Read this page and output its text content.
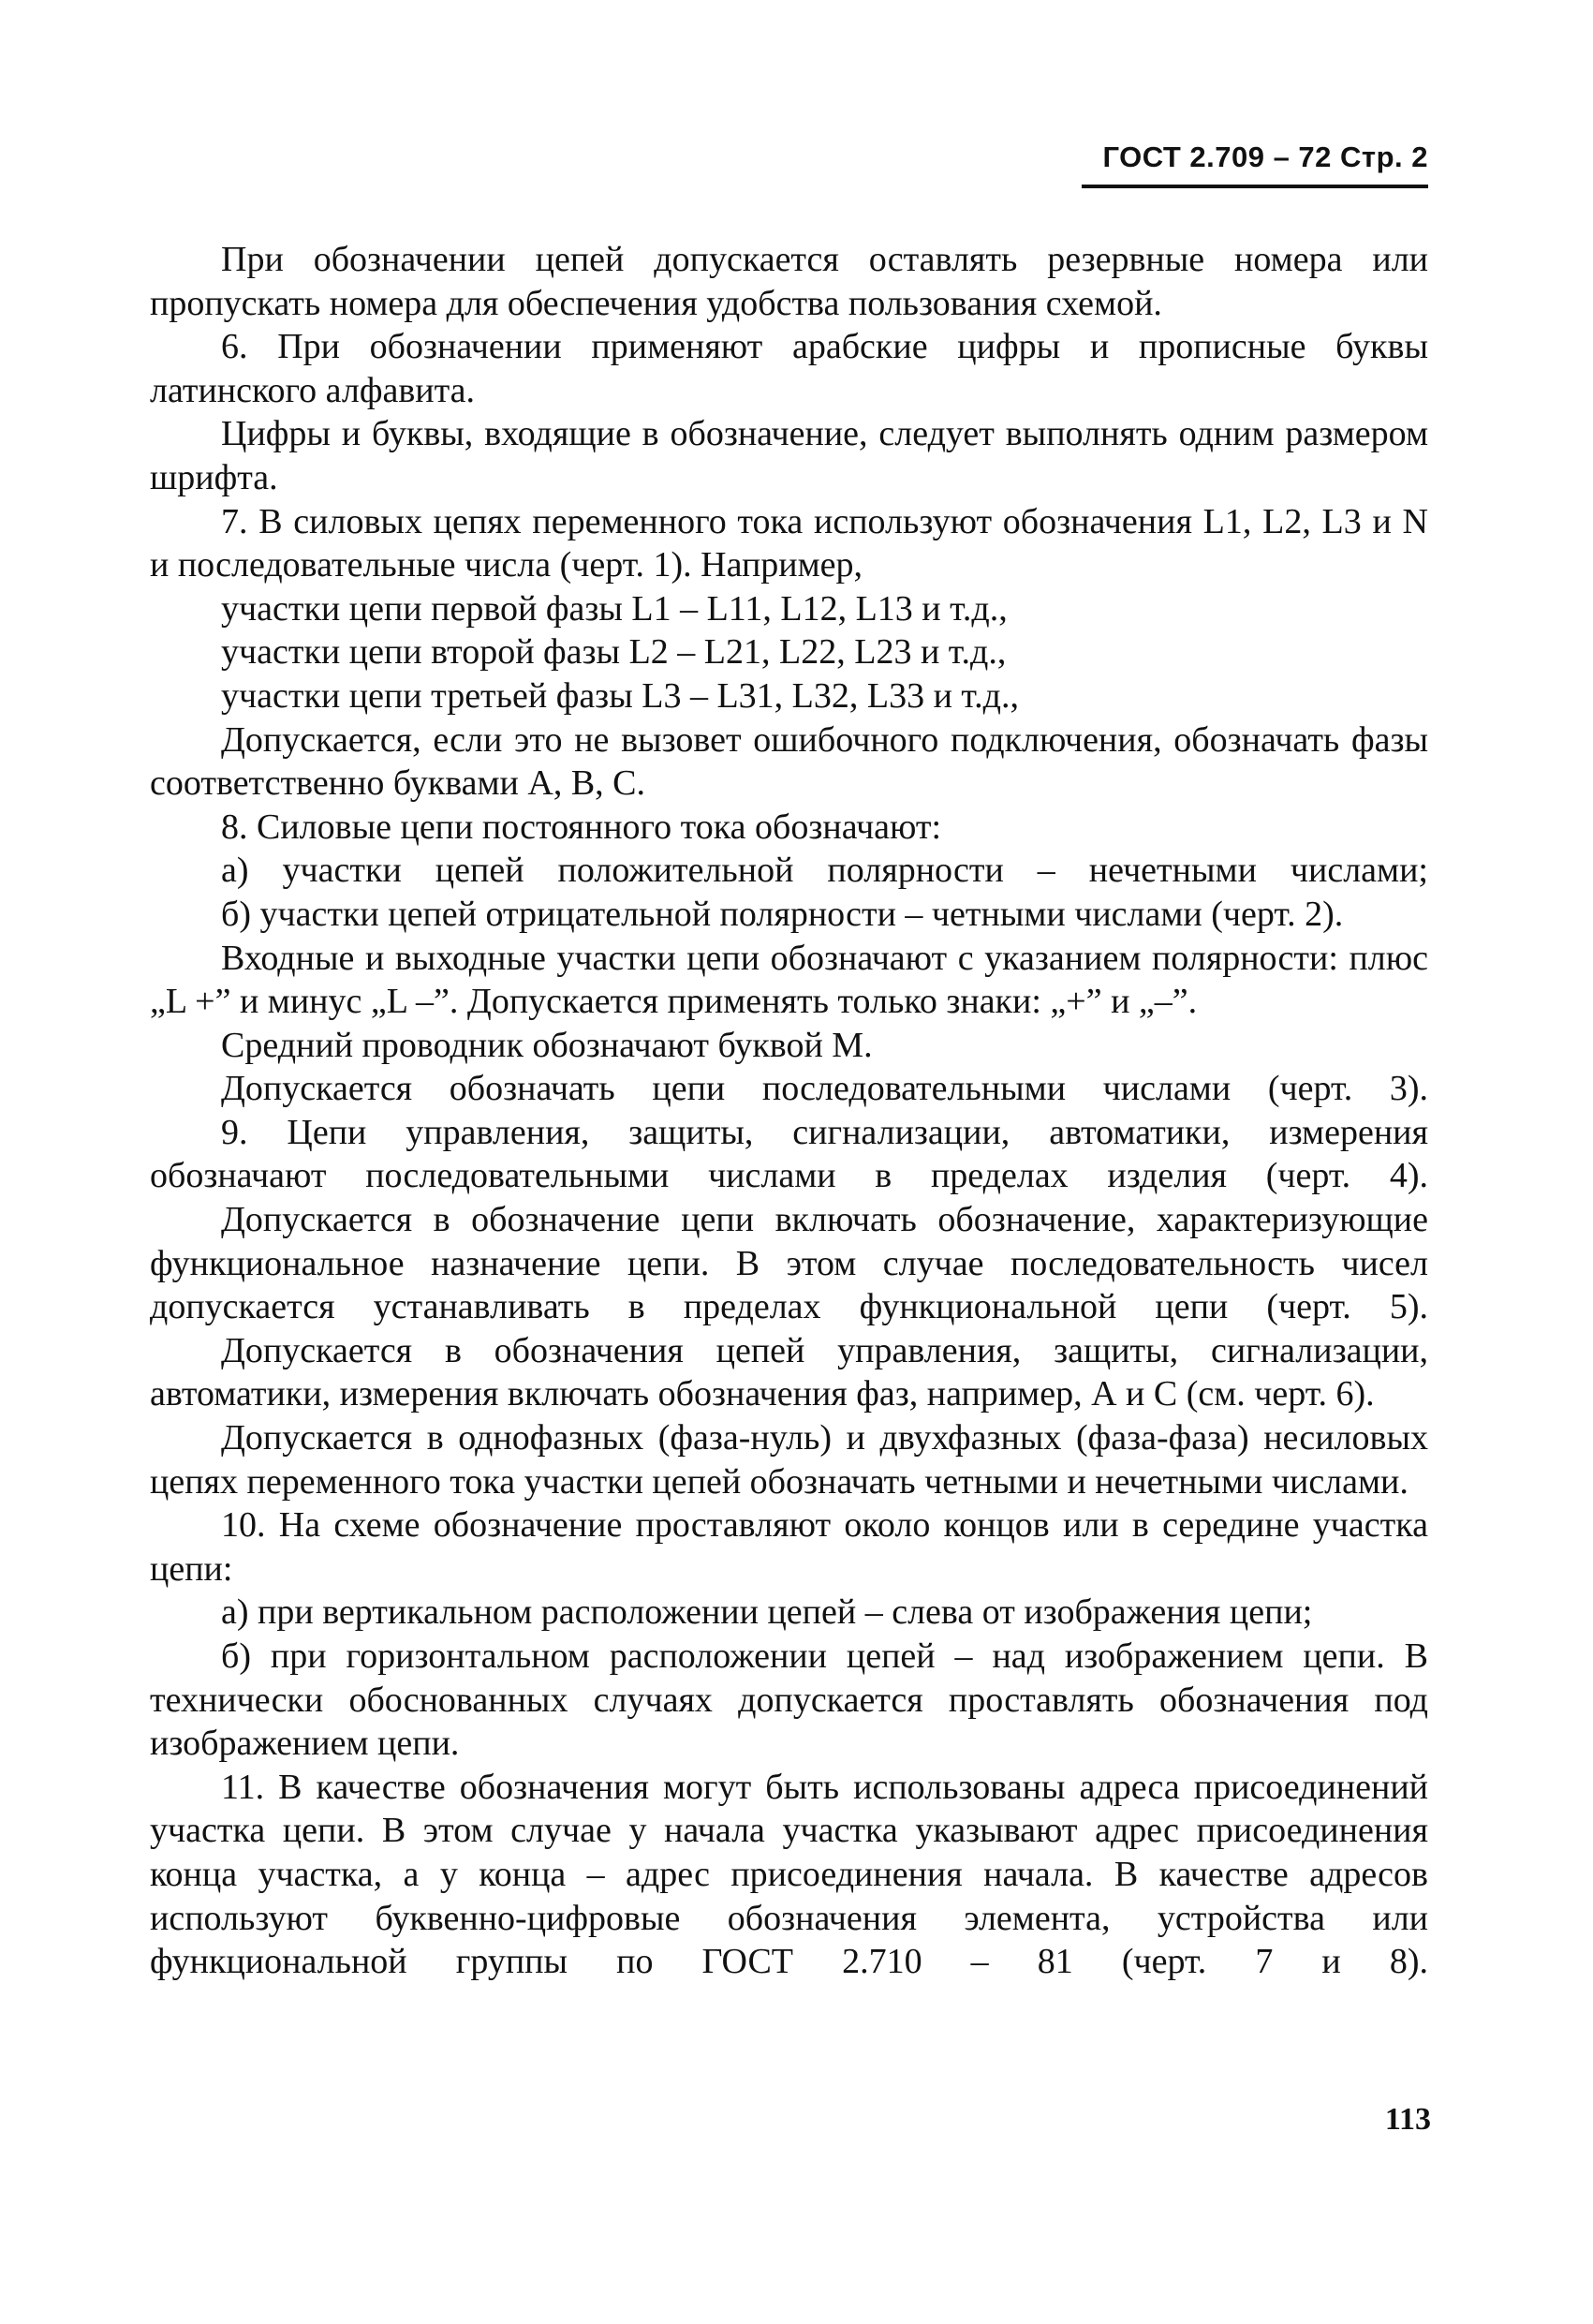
ГОСТ 2.709 – 72 Стр. 2

При обозначении цепей допускается оставлять резервные номера или пропускать номера для обеспечения удобства пользования схемой.

6. При обозначении применяют арабские цифры и прописные буквы латинского алфавита.

Цифры и буквы, входящие в обозначение, следует выполнять одним размером шрифта.

7. В силовых цепях переменного тока используют обозначения L1, L2, L3 и N и последовательные числа (черт. 1). Например,

участки цепи первой фазы L1 – L11, L12, L13 и т.д.,

участки цепи второй фазы L2 – L21, L22, L23 и т.д.,

участки цепи третьей фазы L3 – L31, L32, L33 и т.д.,

Допускается, если это не вызовет ошибочного подключения, обозначать фазы соответственно буквами А, В, С.

8. Силовые цепи постоянного тока обозначают:

а) участки цепей положительной полярности – нечетными числами;

б) участки цепей отрицательной полярности – четными числами (черт. 2).

Входные и выходные участки цепи обозначают с указанием полярности: плюс „L +” и минус „L –”. Допускается применять только знаки: „+” и „–”.

Средний проводник обозначают буквой М.

Допускается обозначать цепи последовательными числами (черт. 3).

9. Цепи управления, защиты, сигнализации, автоматики, измерения обозначают последовательными числами в пределах изделия (черт. 4).

Допускается в обозначение цепи включать обозначение, характеризующие функциональное назначение цепи. В этом случае последовательность чисел допускается устанавливать в пределах функциональной цепи (черт. 5).

Допускается в обозначения цепей управления, защиты, сигнализации, автоматики, измерения включать обозначения фаз, например, А и С (см. черт. 6).

Допускается в однофазных (фаза-нуль) и двухфазных (фаза-фаза) несиловых цепях переменного тока участки цепей обозначать четными и нечетными числами.

10. На схеме обозначение проставляют около концов или в середине участка цепи:

а) при вертикальном расположении цепей – слева от изображения цепи;

б) при горизонтальном расположении цепей – над изображением цепи. В технически обоснованных случаях допускается проставлять обозначения под изображением цепи.

11. В качестве обозначения могут быть использованы адреса присоединений участка цепи. В этом случае у начала участка указывают адрес присоединения конца участка, а у конца – адрес присоединения начала. В качестве адресов используют буквенно-цифровые обозначения элемента, устройства или функциональной группы по ГОСТ 2.710 – 81 (черт. 7 и 8).

113
